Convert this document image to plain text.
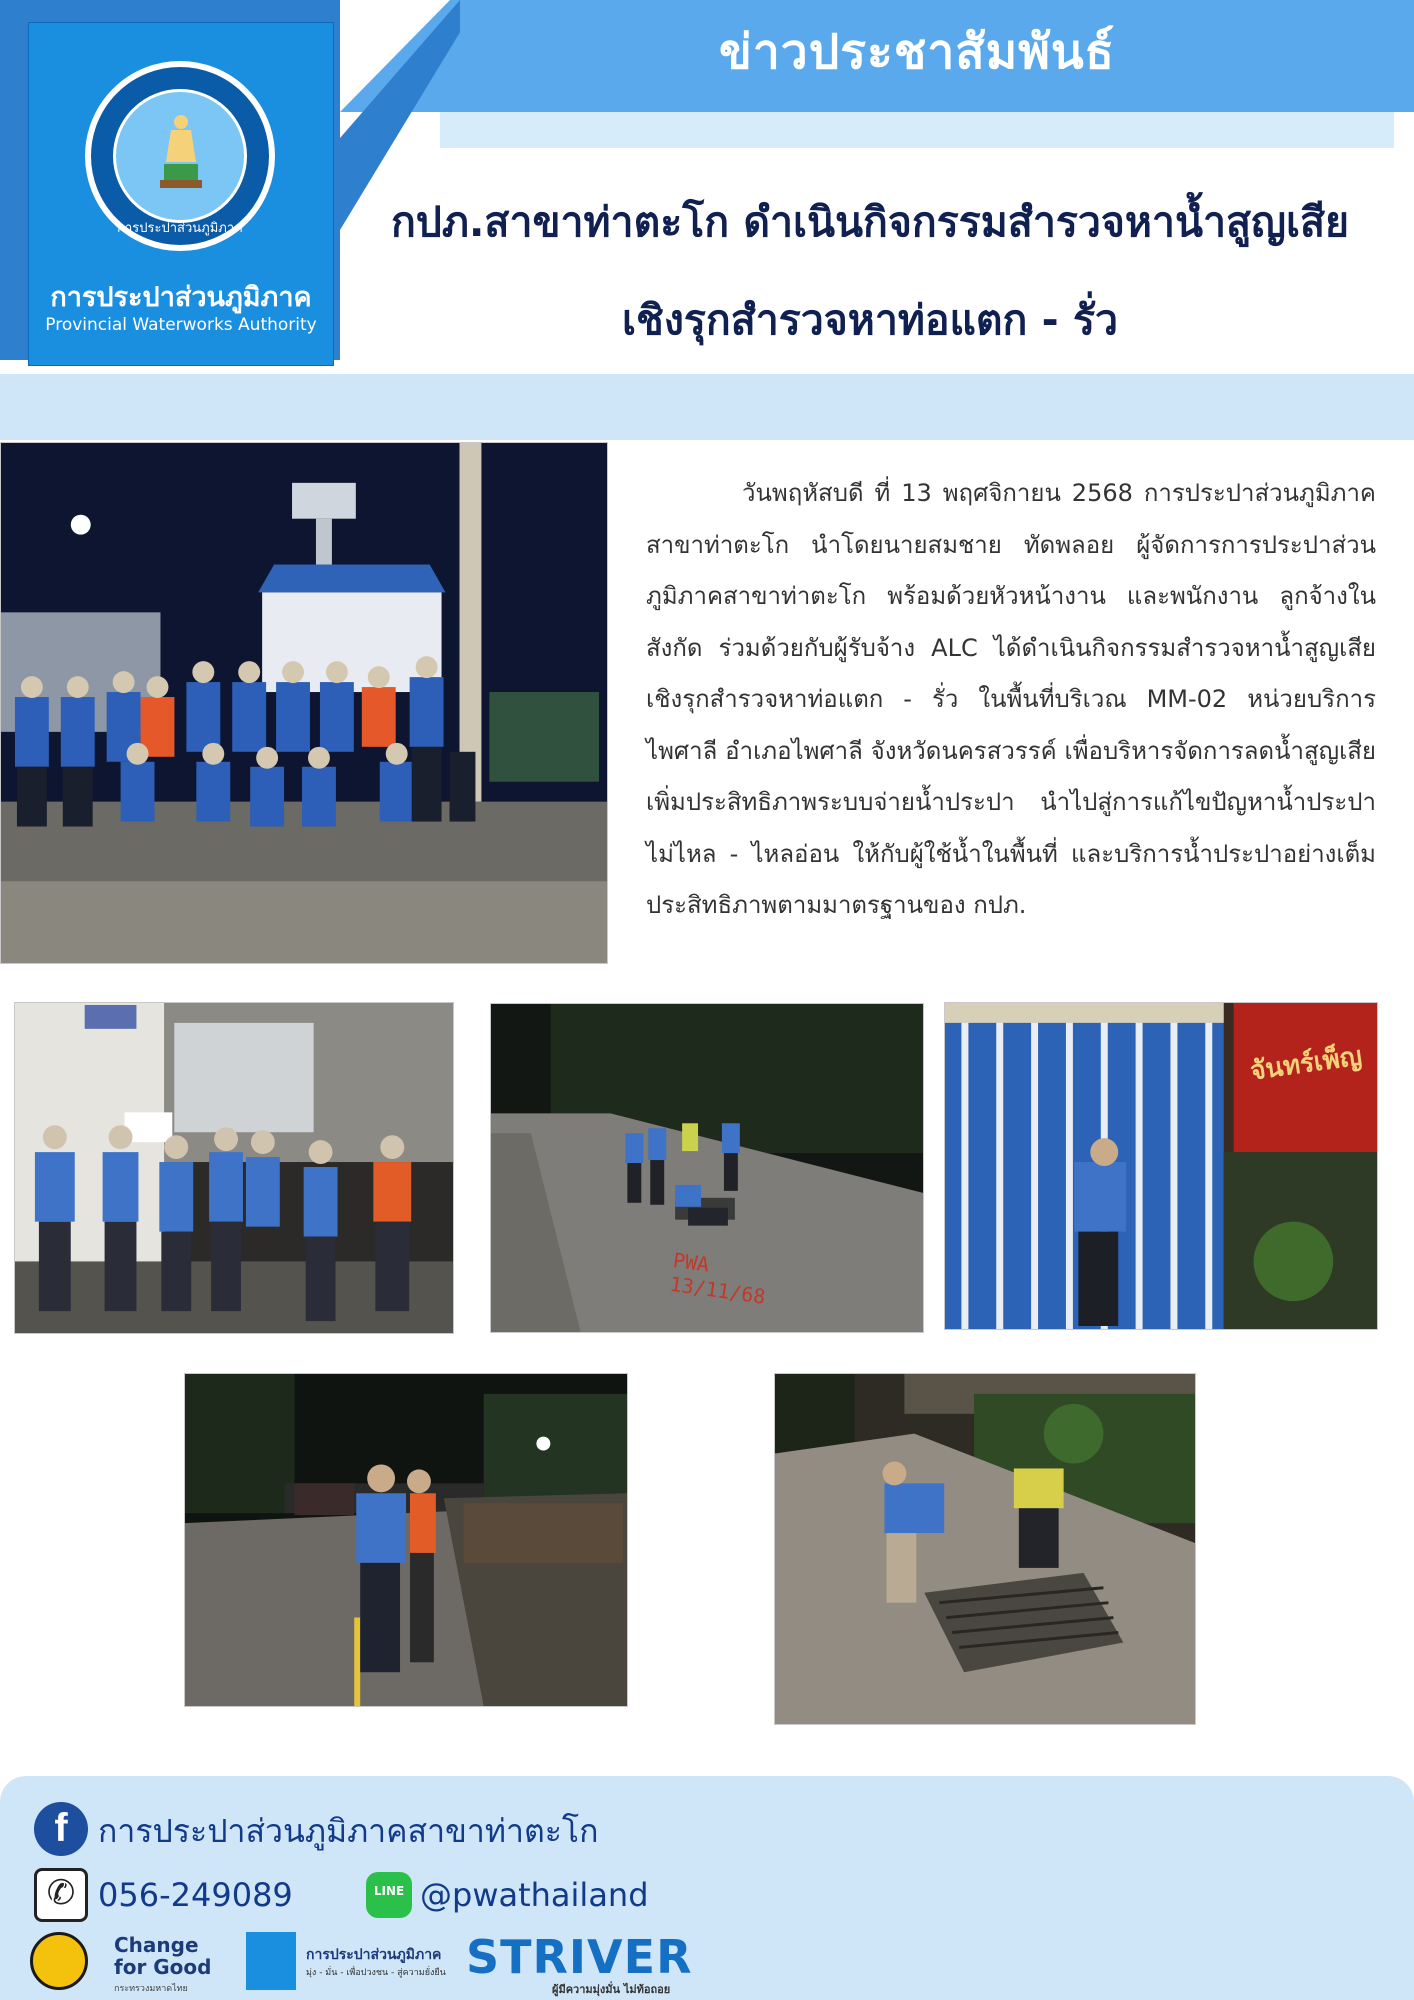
ข่าวประชาสัมพันธ์
การประปาส่วนภูมิภาค
การประปาส่วนภูมิภาค
Provincial Waterworks Authority
กปภ.สาขาท่าตะโก ดำเนินกิจกรรมสำรวจหาน้ำสูญเสีย
เชิงรุกสำรวจหาท่อแตก - รั่ว
วันพฤหัสบดี ที่ 13 พฤศจิกายน 2568 การประปาส่วนภูมิภาคสาขาท่าตะโก นำโดยนายสมชาย ทัดพลอย ผู้จัดการการประปาส่วนภูมิภาคสาขาท่าตะโก พร้อมด้วยหัวหน้างาน และพนักงาน ลูกจ้างในสังกัด ร่วมด้วยกับผู้รับจ้าง ALC ได้ดำเนินกิจกรรมสำรวจหาน้ำสูญเสียเชิงรุกสำรวจหาท่อแตก - รั่ว ในพื้นที่บริเวณ MM-02 หน่วยบริการไพศาลี อำเภอไพศาลี จังหวัดนครสวรรค์ เพื่อบริหารจัดการลดน้ำสูญเสีย เพิ่มประสิทธิภาพระบบจ่ายน้ำประปา นำไปสู่การแก้ไขปัญหาน้ำประปาไม่ไหล - ไหลอ่อน ให้กับผู้ใช้น้ำในพื้นที่ และบริการน้ำประปาอย่างเต็มประสิทธิภาพตามมาตรฐานของ กปภ.
PWA 13/11/68
จันทร์เพ็ญ
f การประปาส่วนภูมิภาคสาขาท่าตะโก
✆ 056-249089	LINE @pwathailand
Change
for Good
กระทรวงมหาดไทย
การประปาส่วนภูมิภาค
มุ่ง - มั่น - เพื่อปวงชน - สู่ความยั่งยืน STRIVER
ผู้มีความมุ่งมั่น ไม่ท้อถอย
